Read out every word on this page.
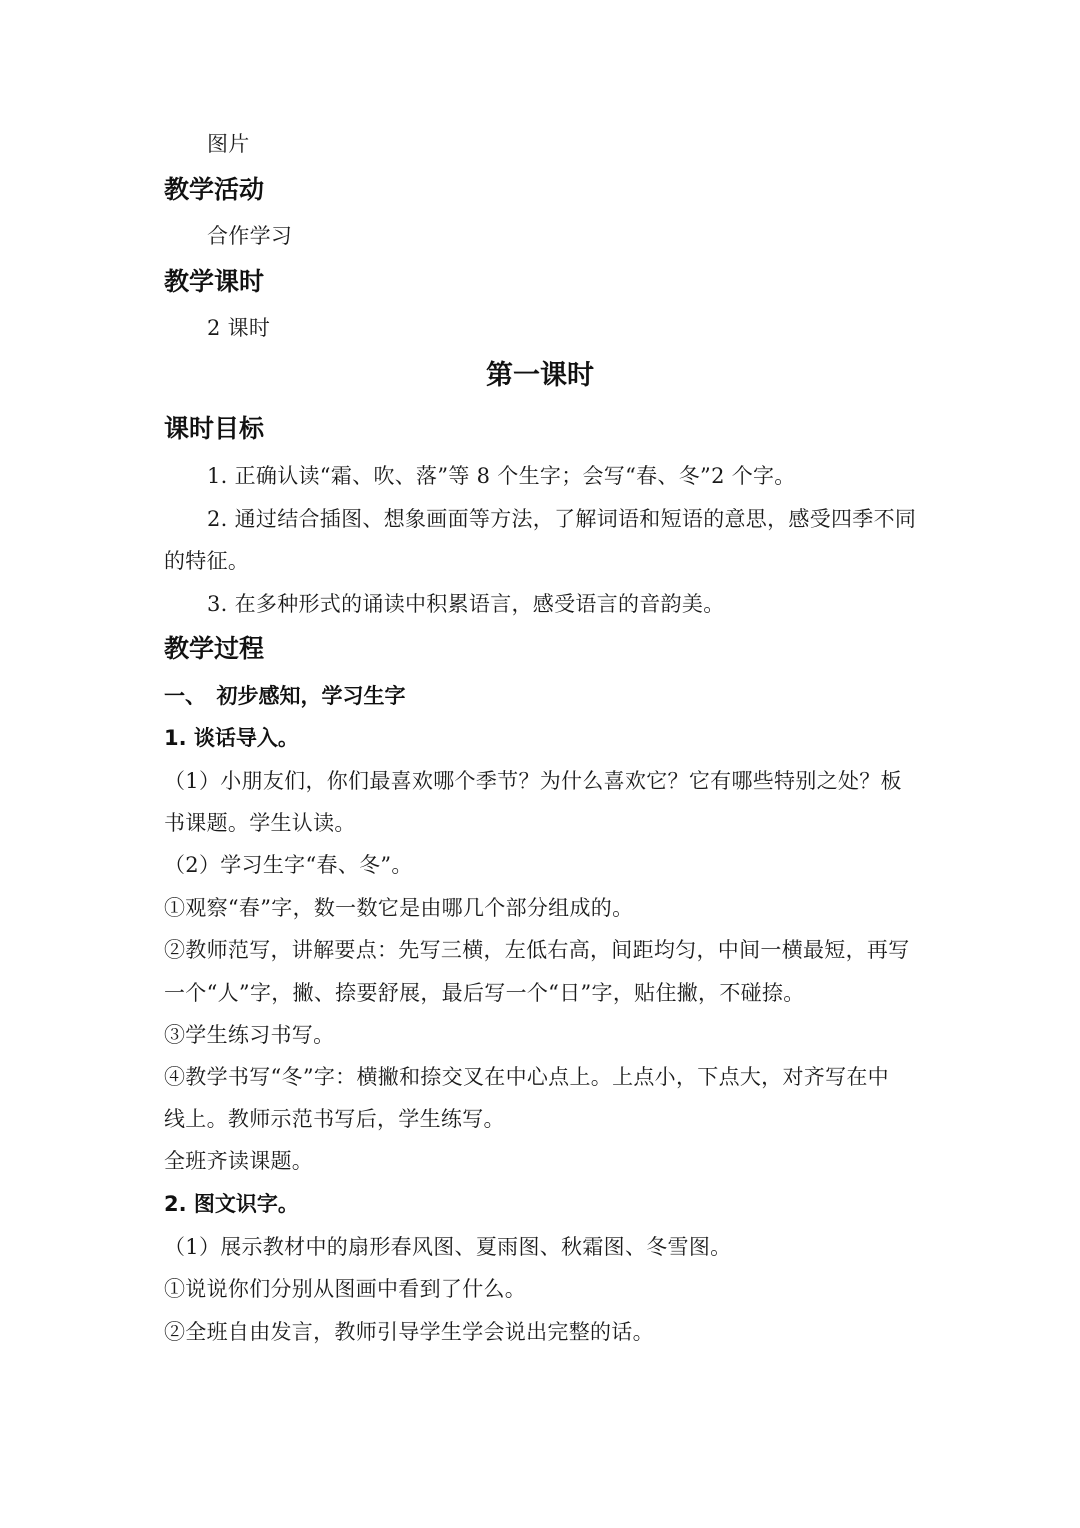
图片
教学活动
合作学习
教学课时
2 课时
第一课时
课时目标
1. 正确认读“霜、吹、落”等 8 个生字；会写“春、冬”2 个字。
2. 通过结合插图、想象画面等方法，了解词语和短语的意思，感受四季不同
的特征。
3. 在多种形式的诵读中积累语言，感受语言的音韵美。
教学过程
一、　初步感知，学习生字
1. 谈话导入。
（1）小朋友们，你们最喜欢哪个季节？为什么喜欢它？它有哪些特别之处？板
书课题。学生认读。
（2）学习生字“春、冬”。
①观察“春”字，数一数它是由哪几个部分组成的。
②教师范写，讲解要点：先写三横，左低右高，间距均匀，中间一横最短，再写
一个“人”字，撇、捺要舒展，最后写一个“日”字，贴住撇，不碰捺。
③学生练习书写。
④教学书写“冬”字：横撇和捺交叉在中心点上。上点小，下点大，对齐写在中
线上。教师示范书写后，学生练写。
全班齐读课题。
2. 图文识字。
（1）展示教材中的扇形春风图、夏雨图、秋霜图、冬雪图。
①说说你们分别从图画中看到了什么。
②全班自由发言，教师引导学生学会说出完整的话。
